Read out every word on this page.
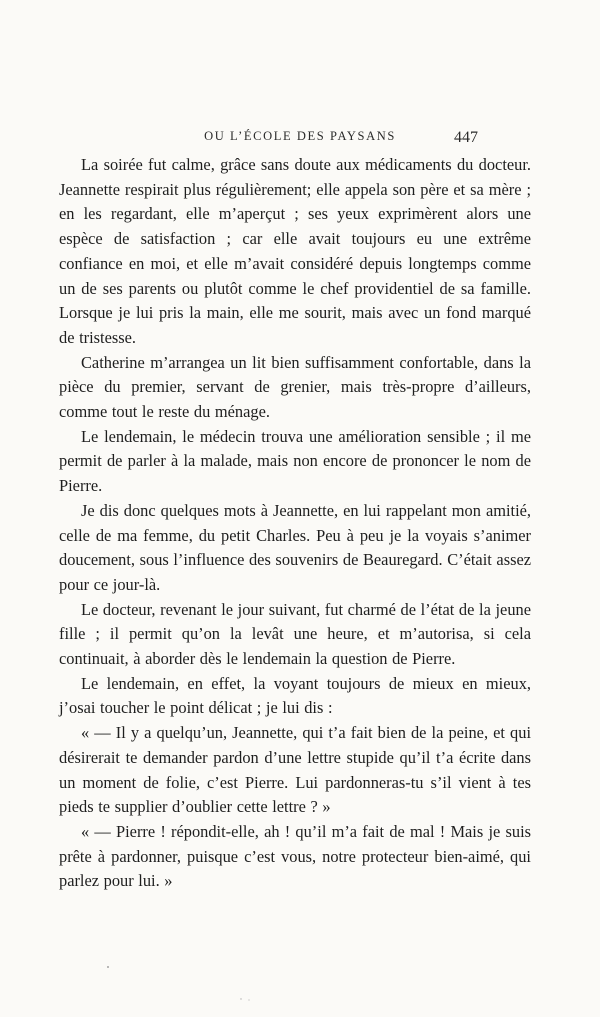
OU L’ÉCOLE DES PAYSANS	447

La soirée fut calme, grâce sans doute aux médicaments du docteur. Jeannette respirait plus régulièrement; elle appela son père et sa mère ; en les regardant, elle m’aperçut ; ses yeux exprimèrent alors une espèce de satisfaction ; car elle avait toujours eu une extrême confiance en moi, et elle m’avait considéré depuis longtemps comme un de ses parents ou plutôt comme le chef providentiel de sa famille. Lorsque je lui pris la main, elle me sourit, mais avec un fond marqué de tristesse.

Catherine m’arrangea un lit bien suffisamment confortable, dans la pièce du premier, servant de grenier, mais très-propre d’ailleurs, comme tout le reste du ménage.

Le lendemain, le médecin trouva une amélioration sensible ; il me permit de parler à la malade, mais non encore de prononcer le nom de Pierre.

Je dis donc quelques mots à Jeannette, en lui rappelant mon amitié, celle de ma femme, du petit Charles. Peu à peu je la voyais s’animer doucement, sous l’influence des souvenirs de Beauregard. C’était assez pour ce jour-là.

Le docteur, revenant le jour suivant, fut charmé de l’état de la jeune fille ; il permit qu’on la levât une heure, et m’autorisa, si cela continuait, à aborder dès le lendemain la question de Pierre.

Le lendemain, en effet, la voyant toujours de mieux en mieux, j’osai toucher le point délicat ; je lui dis :

« — Il y a quelqu’un, Jeannette, qui t’a fait bien de la peine, et qui désirerait te demander pardon d’une lettre stupide qu’il t’a écrite dans un moment de folie, c’est Pierre. Lui pardonneras-tu s’il vient à tes pieds te supplier d’oublier cette lettre ? »

« — Pierre ! répondit-elle, ah ! qu’il m’a fait de mal ! Mais je suis prête à pardonner, puisque c’est vous, notre protecteur bien-aimé, qui parlez pour lui. »
